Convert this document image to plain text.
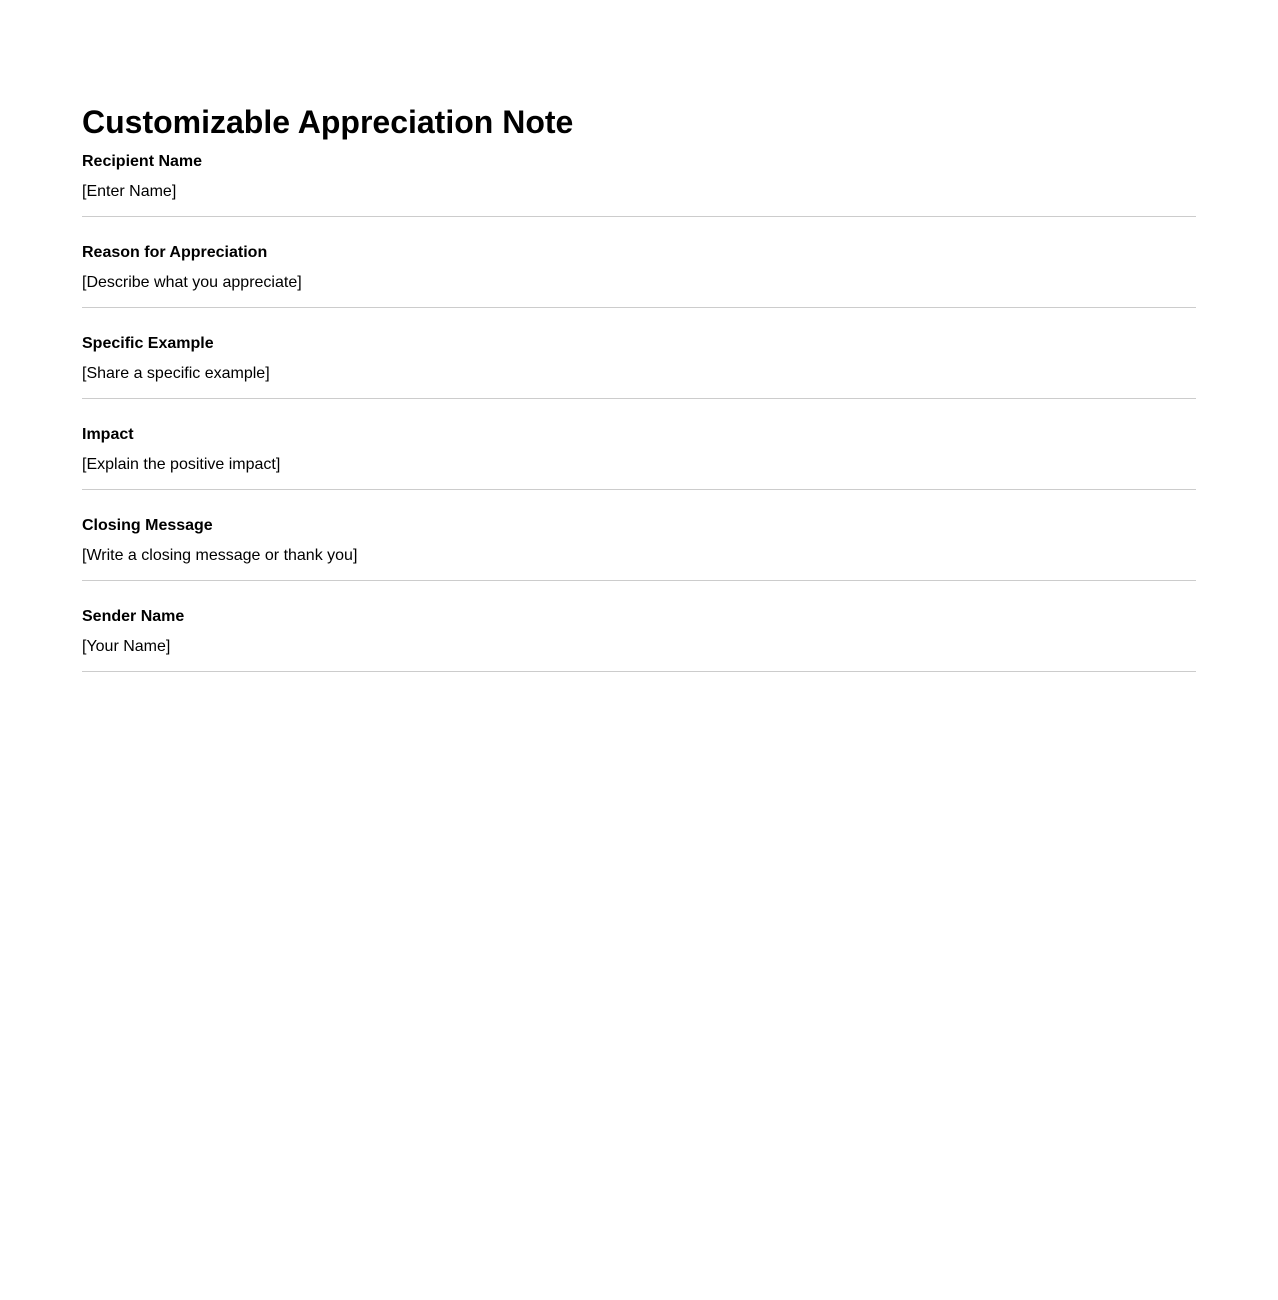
Customizable Appreciation Note
Recipient Name
[Enter Name]
Reason for Appreciation
[Describe what you appreciate]
Specific Example
[Share a specific example]
Impact
[Explain the positive impact]
Closing Message
[Write a closing message or thank you]
Sender Name
[Your Name]
